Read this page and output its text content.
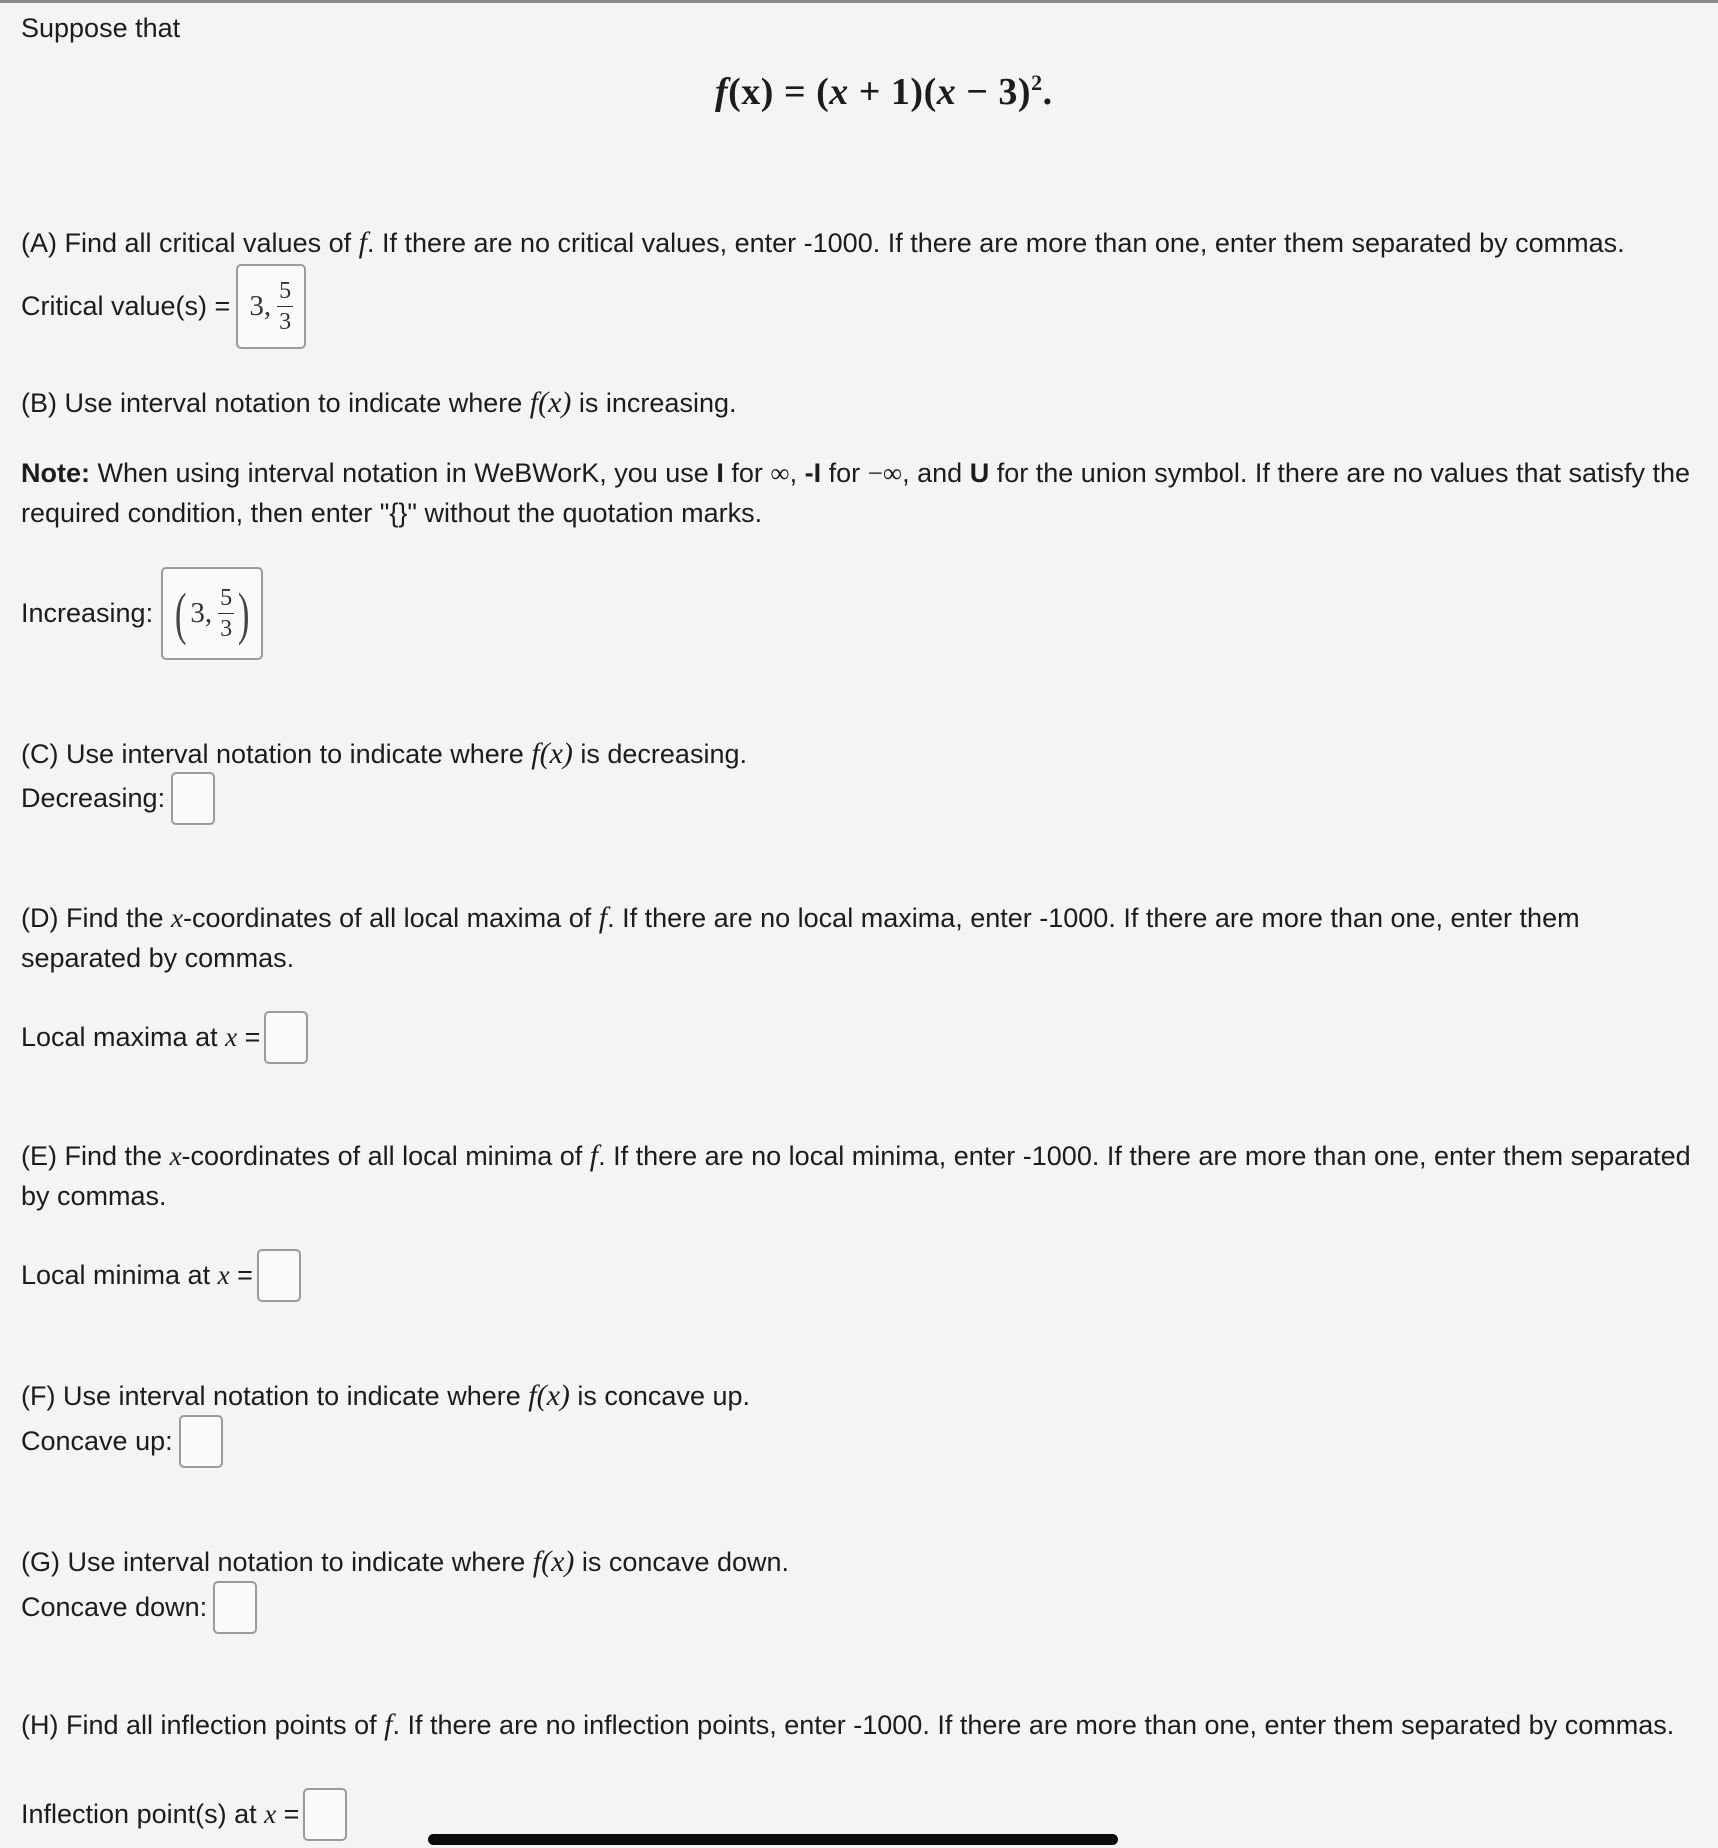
Suppose that
$f(x) = (x + 1)(x - 3)^2$.
(A) Find all critical values of f. If there are no critical values, enter -1000. If there are more than one, enter them separated by commas.
Critical value(s) = 3, $\frac{5}{3}$
(B) Use interval notation to indicate where f(x) is increasing.
Note: When using interval notation in WeBWorK, you use I for ∞, -I for −∞, and U for the union symbol. If there are no values that satisfy the required condition, then enter "{}" without the quotation marks.
Increasing: ( 3, $\frac{5}{3}$ )
(C) Use interval notation to indicate where f(x) is decreasing.
Decreasing:
(D) Find the x-coordinates of all local maxima of f. If there are no local maxima, enter -1000. If there are more than one, enter them separated by commas.
Local maxima at x =
(E) Find the x-coordinates of all local minima of f. If there are no local minima, enter -1000. If there are more than one, enter them separated by commas.
Local minima at x =
(F) Use interval notation to indicate where f(x) is concave up.
Concave up:
(G) Use interval notation to indicate where f(x) is concave down.
Concave down:
(H) Find all inflection points of f. If there are no inflection points, enter -1000. If there are more than one, enter them separated by commas.
Inflection point(s) at x =
